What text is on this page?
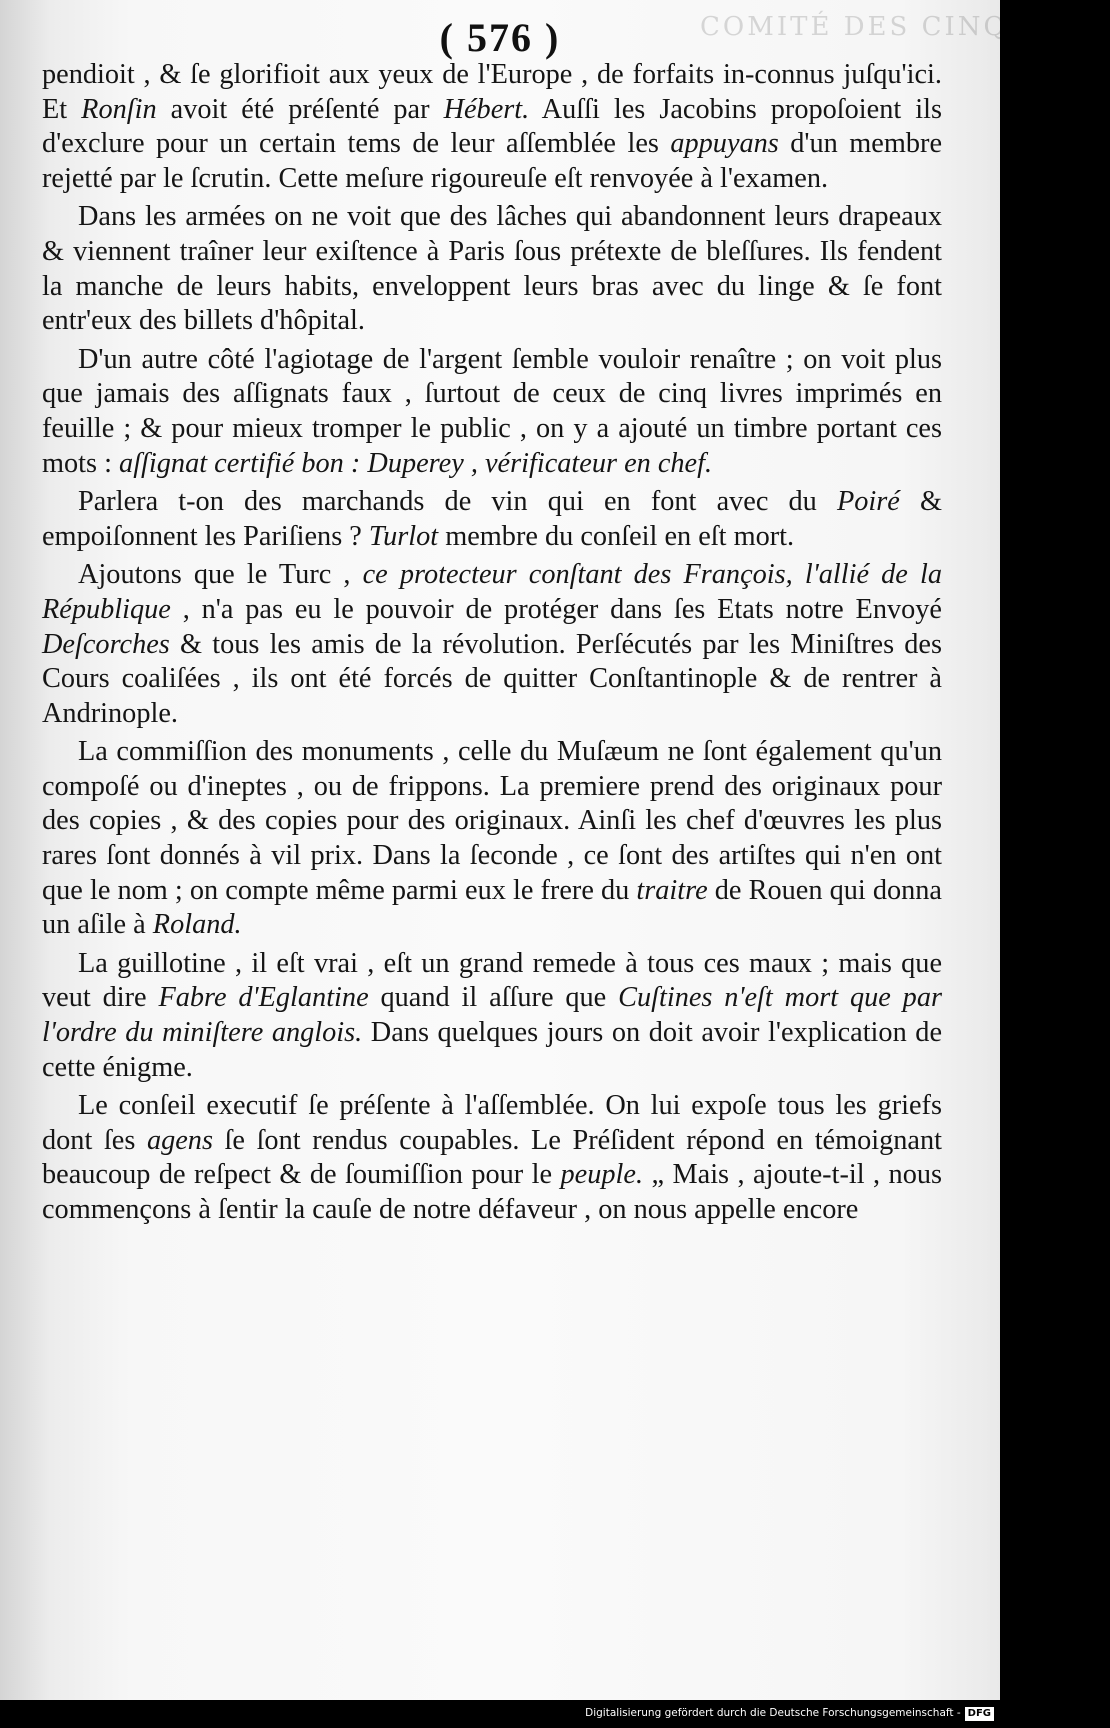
COMITÉ DES CINQ CENT
( 576 )

pendioit , & ſe glorifioit aux yeux de l'Europe , de forfaits in-connus juſqu'ici. Et Ronſin avoit été préſenté par Hébert. Auſſi les Jacobins propoſoient ils d'exclure pour un certain tems de leur aſſemblée les appuyans d'un membre rejetté par le ſcrutin. Cette meſure rigoureuſe eſt renvoyée à l'examen.

Dans les armées on ne voit que des lâches qui abandonnent leurs drapeaux & viennent traîner leur exiſtence à Paris ſous prétexte de bleſſures. Ils fendent la manche de leurs habits, enveloppent leurs bras avec du linge & ſe font entr'eux des billets d'hôpital.

D'un autre côté l'agiotage de l'argent ſemble vouloir renaître ; on voit plus que jamais des aſſignats faux , ſurtout de ceux de cinq livres imprimés en feuille ; & pour mieux tromper le public , on y a ajouté un timbre portant ces mots : aſſignat certifié bon : Duperey , vérificateur en chef.

Parlera t-on des marchands de vin qui en font avec du Poiré & empoiſonnent les Pariſiens ? Turlot membre du conſeil en eſt mort.

Ajoutons que le Turc , ce protecteur conſtant des François, l'allié de la République , n'a pas eu le pouvoir de protéger dans ſes Etats notre Envoyé Deſcorches & tous les amis de la révolution. Perſécutés par les Miniſtres des Cours coaliſées , ils ont été forcés de quitter Conſtantinople & de rentrer à Andrinople.

La commiſſion des monuments , celle du Muſæum ne ſont également qu'un compoſé ou d'ineptes , ou de frippons. La premiere prend des originaux pour des copies , & des copies pour des originaux. Ainſi les chef d'œuvres les plus rares ſont donnés à vil prix. Dans la ſeconde , ce ſont des artiſtes qui n'en ont que le nom ; on compte même parmi eux le frere du traitre de Rouen qui donna un aſile à Roland.

La guillotine , il eſt vrai , eſt un grand remede à tous ces maux ; mais que veut dire Fabre d'Eglantine quand il aſſure que Cuſtines n'eſt mort que par l'ordre du miniſtere anglois. Dans quelques jours on doit avoir l'explication de cette énigme.

Le conſeil executif ſe préſente à l'aſſemblée. On lui expoſe tous les griefs dont ſes agens ſe ſont rendus coupables. Le Préſident répond en témoignant beaucoup de reſpect & de ſoumiſſion pour le peuple. „ Mais , ajoute-t-il , nous commençons à ſentir la cauſe de notre défaveur , on nous appelle encore

Digitalisierung gefördert durch die Deutsche Forschungsgemeinschaft - DFG
